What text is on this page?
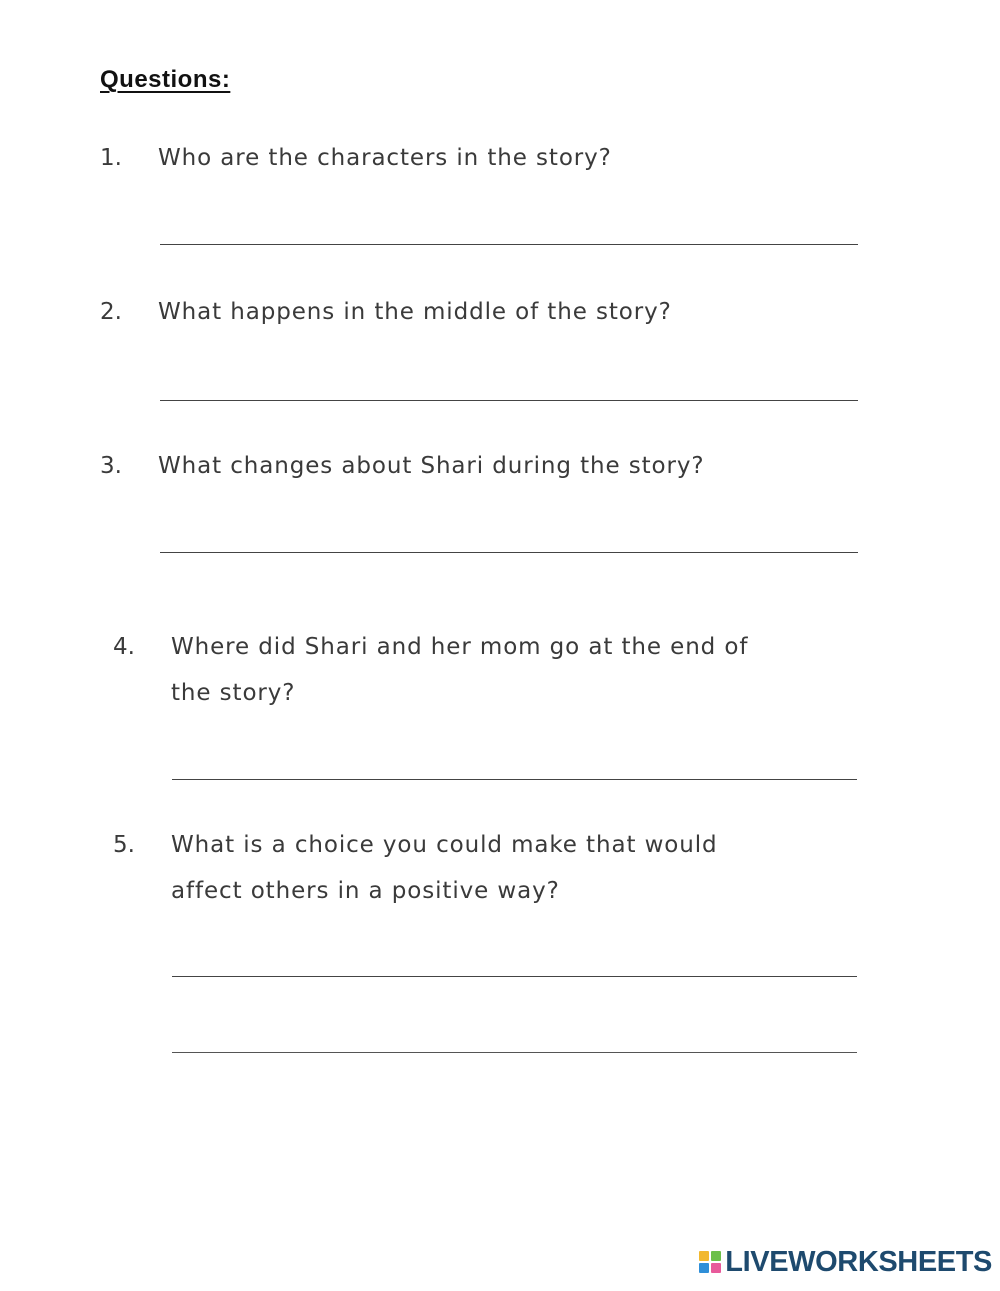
Questions:
1. Who are the characters in the story?
2. What happens in the middle of the story?
3. What changes about Shari during the story?
4. Where did Shari and her mom go at the end of
the story?
5. What is a choice you could make that would
affect others in a positive way?
LIVEWORKSHEETS
